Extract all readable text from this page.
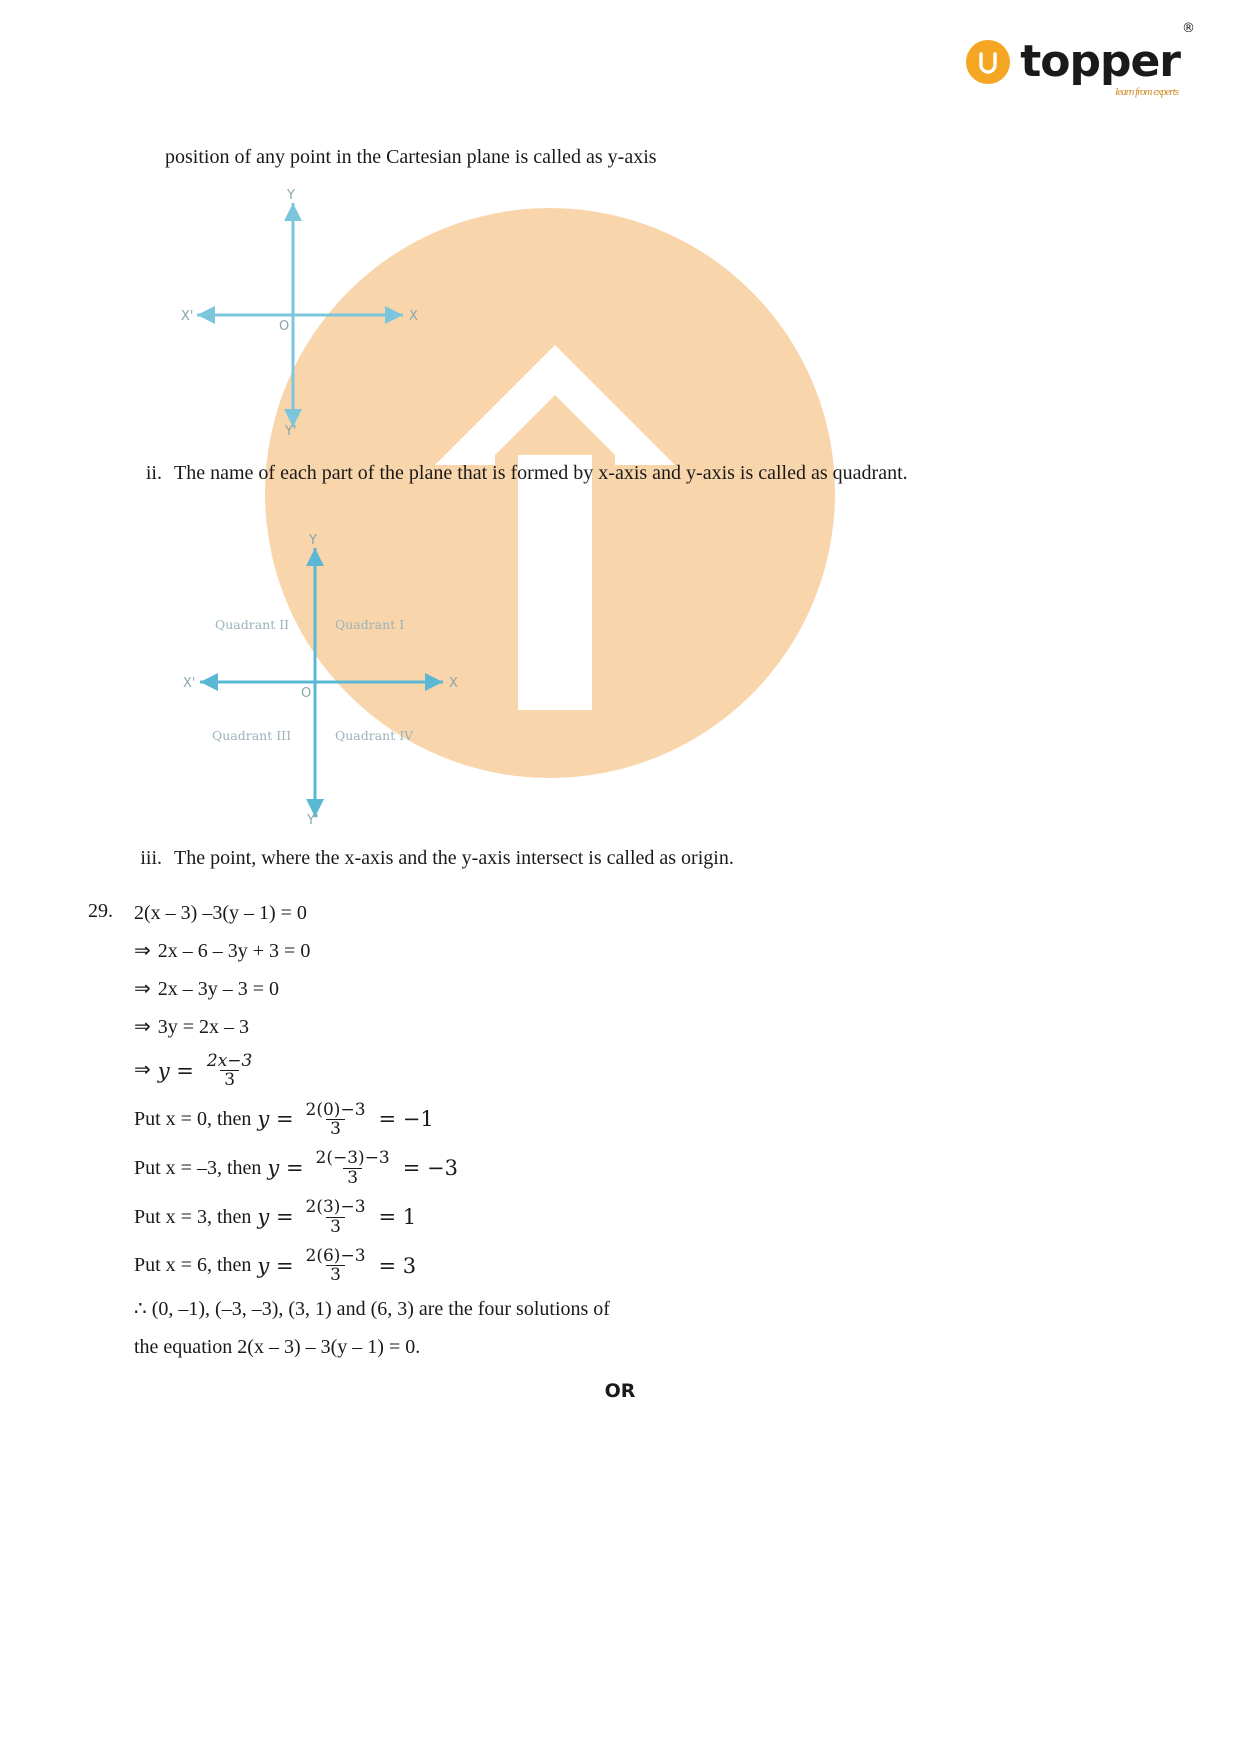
topper
®
learn from experts
position of any point in the Cartesian plane is called as y-axis
Y
Y'
X'	X
O
ii. The name of each part of the plane that is formed by x-axis and y-axis is called as quadrant.
Y
Y'
X'	X
O
Quadrant II	Quadrant I
Quadrant III	Quadrant IV
iii. The point, where the x-axis and the y-axis intersect is called as origin.
29.	2(x – 3) –3(y – 1) = 0
⇒ 2x – 6 – 3y + 3 = 0
⇒ 2x – 3y – 3 = 0
⇒ 3y = 2x – 3
⇒ $y = \frac{2x-3}{3}$
Put x = 0, then $y = \frac{2(0)-3}{3} = -1$
Put x = –3, then $y = \frac{2(-3)-3}{3} = -3$
Put x = 3, then $y = \frac{2(3)-3}{3} = 1$
Put x = 6, then $y = \frac{2(6)-3}{3} = 3$
∴ (0, –1), (–3, –3), (3, 1) and (6, 3) are the four solutions of
the equation 2(x – 3) – 3(y – 1) = 0.
OR
